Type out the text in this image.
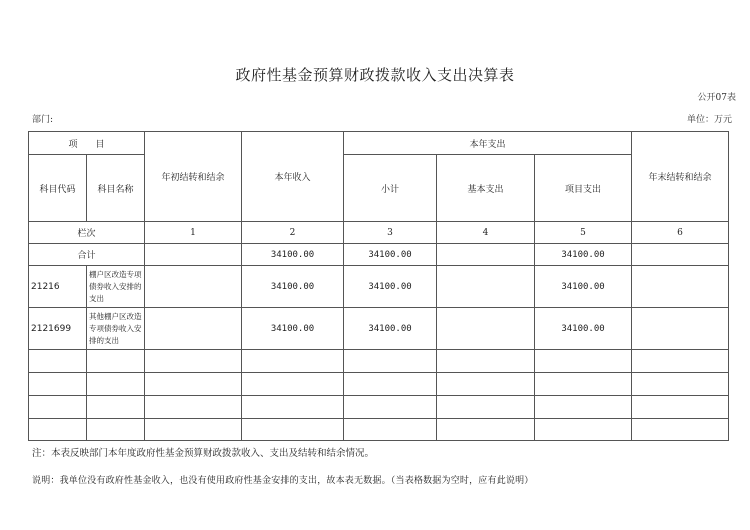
政府性基金预算财政拨款收入支出决算表
公开07表
部门:	单位：万元
项　　目		年初结转和结余	本年收入	本年支出			年末结转和结余
科目代码	科目名称			小计	基本支出	项目支出	

栏次		1	2	3	4	5	6
合计			34100.00	34100.00		34100.00	
21216	棚户区改造专项债券收入安排的支出		34100.00	34100.00		34100.00	
2121699	其他棚户区改造专项债券收入安排的支出		34100.00	34100.00		34100.00	

注：本表反映部门本年度政府性基金预算财政拨款收入、支出及结转和结余情况。
说明：我单位没有政府性基金收入，也没有使用政府性基金安排的支出，故本表无数据。（当表格数据为空时，应有此说明）
